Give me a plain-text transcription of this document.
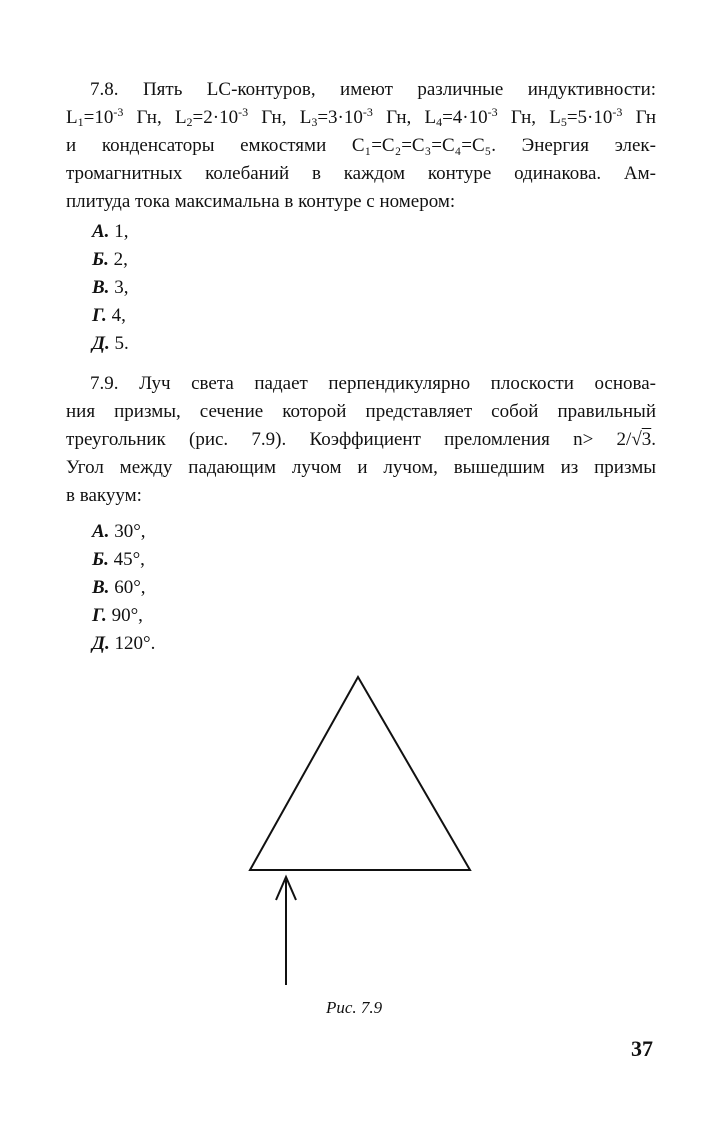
7.8. Пять LC-контуров, имеют различные индуктивности:
$L_1=10^{-3}$ Гн, $L_2=2\cdot 10^{-3}$ Гн, $L_3=3\cdot 10^{-3}$ Гн, $L_4=4\cdot 10^{-3}$ Гн, $L_5=5\cdot 10^{-3}$ Гн
и конденсаторы емкостями C₁=C₂=C₃=C₄=C₅. Энергия элек-
тромагнитных колебаний в каждом контуре одинакова. Ам-
плитуда тока максимальна в контуре с номером:
А. 1,
Б. 2,
В. 3,
Г. 4,
Д. 5.
7.9. Луч света падает перпендикулярно плоскости основа-
ния призмы, сечение которой представляет собой правильный
треугольник (рис. 7.9). Коэффициент преломления n> 2/√3.
Угол между падающим лучом и лучом, вышедшим из призмы
в вакуум:
А. 30°,
Б. 45°,
В. 60°,
Г. 90°,
Д. 120°.
Рис. 7.9
37
